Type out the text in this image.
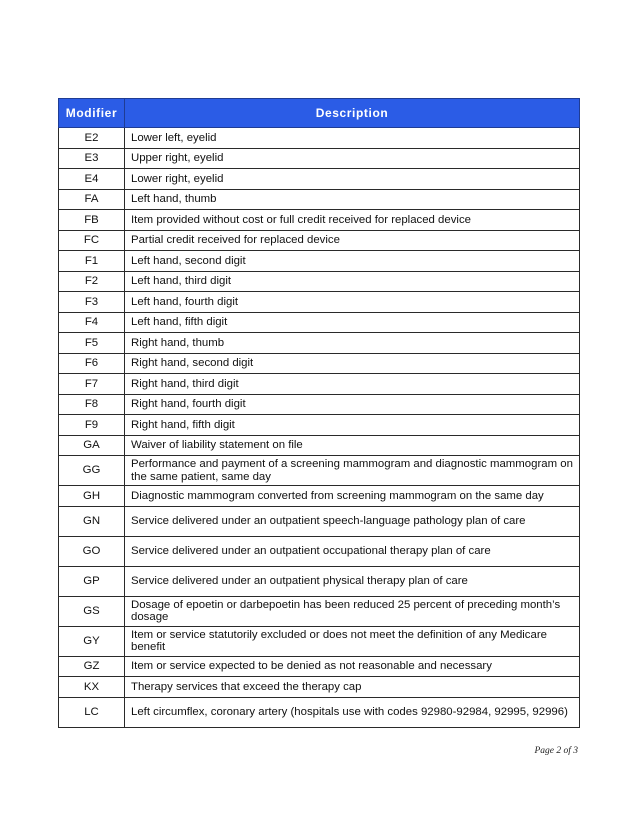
Modifier	Description
E2	Lower left, eyelid
E3	Upper right, eyelid
E4	Lower right, eyelid
FA	Left hand, thumb
FB	Item provided without cost or full credit received for replaced device
FC	Partial credit received for replaced device
F1	Left hand, second digit
F2	Left hand, third digit
F3	Left hand, fourth digit
F4	Left hand, fifth digit
F5	Right hand, thumb
F6	Right hand, second digit
F7	Right hand, third digit
F8	Right hand, fourth digit
F9	Right hand, fifth digit
GA	Waiver of liability statement on file
GG	Performance and payment of a screening mammogram and diagnostic mammogram on the same patient, same day
GH	Diagnostic mammogram converted from screening mammogram on the same day
GN	Service delivered under an outpatient speech-language pathology plan of care
GO	Service delivered under an outpatient occupational therapy plan of care
GP	Service delivered under an outpatient physical therapy plan of care
GS	Dosage of epoetin or darbepoetin has been reduced 25 percent of preceding month’s dosage
GY	Item or service statutorily excluded or does not meet the definition of any Medicare benefit
GZ	Item or service expected to be denied as not reasonable and necessary
KX	Therapy services that exceed the therapy cap
LC	Left circumflex, coronary artery (hospitals use with codes 92980-92984, 92995, 92996)
Page 2 of 3
